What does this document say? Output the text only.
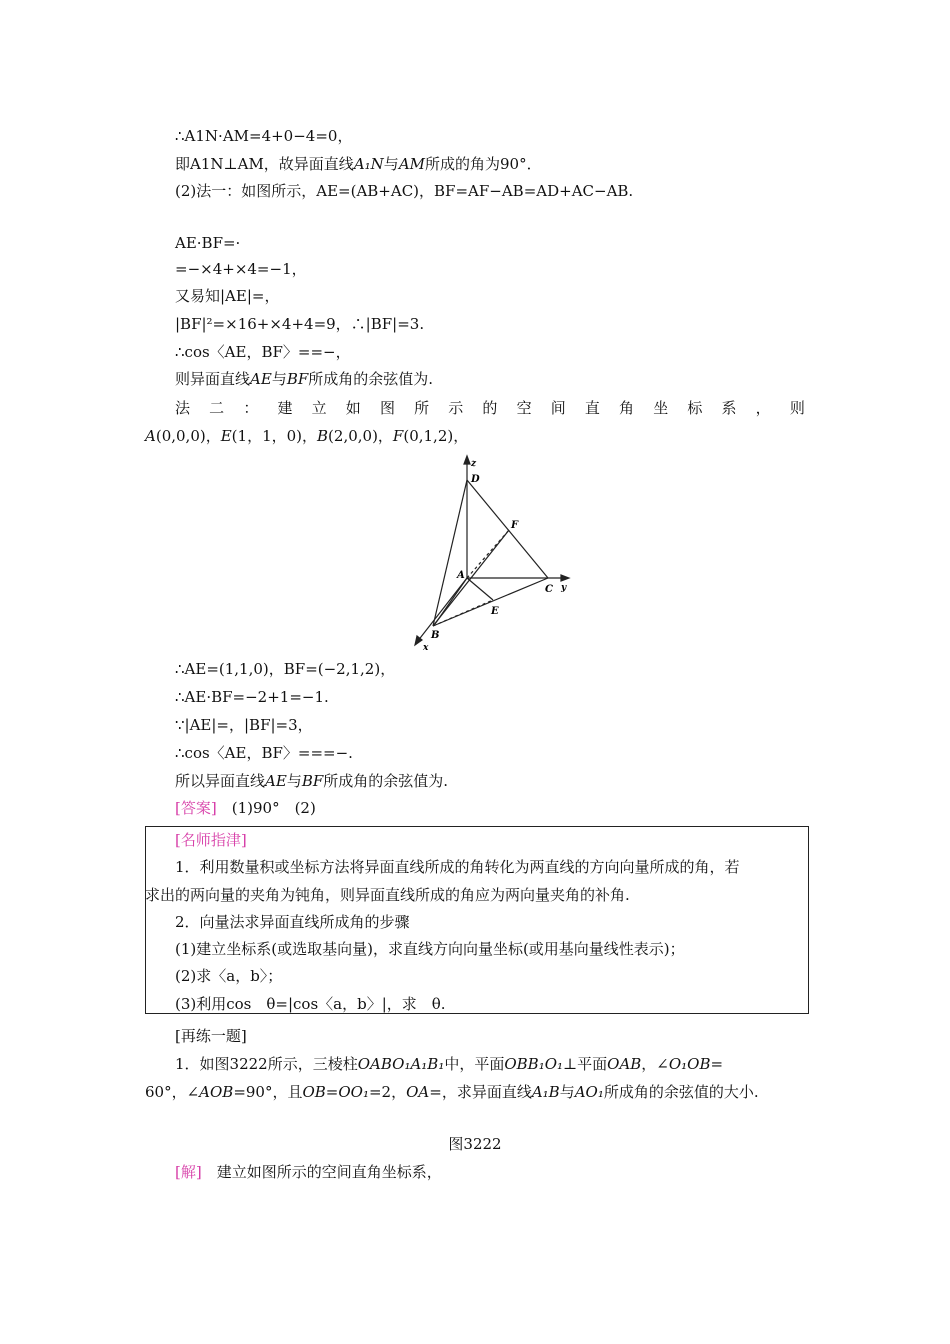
∴A1N·AM=4+0−4=0，
即A1N⊥AM，故异面直线A₁N与AM所成的角为90°．
(2)法一：如图所示，AE=(AB+AC)，BF=AF−AB=AD+AC−AB.
AE·BF=·
=−×4+×4=−1，
又易知|AE|=，
|BF|²=×16+×4+4=9，∴|BF|=3.
∴cos〈AE，BF〉==−，
则异面直线AE与BF所成角的余弦值为.
法 二 ： 建 立 如 图 所 示 的 空 间 直 角 坐 标 系 ， 则
A(0,0,0)，E(1，1，0)，B(2,0,0)，F(0,1,2)，
z
D
F
A
C y
E
B
x
∴AE=(1,1,0)，BF=(−2,1,2)，
∴AE·BF=−2+1=−1.
∵|AE|=，|BF|=3，
∴cos〈AE，BF〉===−.
所以异面直线AE与BF所成角的余弦值为.
[答案]　 (1)90°　(2)
[名师指津]
1．利用数量积或坐标方法将异面直线所成的角转化为两直线的方向向量所成的角，若
求出的两向量的夹角为钝角，则异面直线所成的角应为两向量夹角的补角.
2．向量法求异面直线所成角的步骤
(1)建立坐标系(或选取基向量)，求直线方向向量坐标(或用基向量线性表示)；
(2)求〈a，b〉；
(3)利用cos　θ=|cos〈a，b〉|，求　θ.
[再练一题]
1．如图3222所示，三棱柱OABO₁A₁B₁中，平面OBB₁O₁⊥平面OAB，∠O₁OB=
60°，∠AOB=90°，且OB=OO₁=2，OA=，求异面直线A₁B与AO₁所成角的余弦值的大小.
图3222
[解]　 建立如图所示的空间直角坐标系，
